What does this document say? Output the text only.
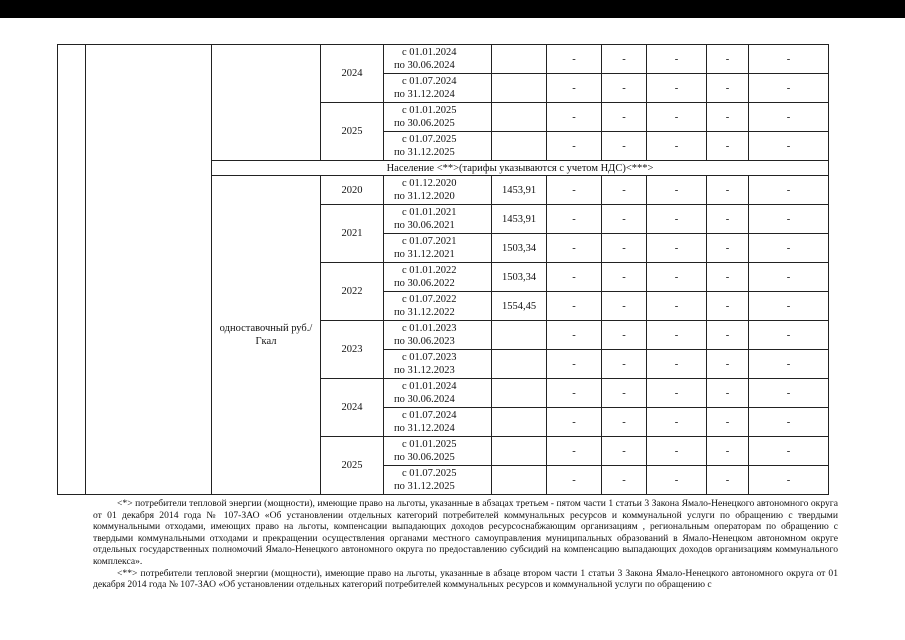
			2024	с 01.01.2024
по 30.06.2024		-	-	-	-	-

				с 01.07.2024
по 31.12.2024		-	-	-	-	-
			2025	с 01.01.2025
по 30.06.2025		-	-	-	-	-

				с 01.07.2025
по 31.12.2025		-	-	-	-	-
		Население <**>(тарифы указываются с учетом НДС)<***>								
		одноставочный руб./Гкал	2020	с 01.12.2020
по 31.12.2020	1453,91	-	-	-	-	-
			2021	с 01.01.2021
по 30.06.2021	1453,91	-	-	-	-	-

				с 01.07.2021
по 31.12.2021	1503,34	-	-	-	-	-
			2022	с 01.01.2022
по 30.06.2022	1503,34	-	-	-	-	-

				с 01.07.2022
по 31.12.2022	1554,45	-	-	-	-	-
			2023	с 01.01.2023
по 30.06.2023		-	-	-	-	-

				с 01.07.2023
по 31.12.2023		-	-	-	-	-
			2024	с 01.01.2024
по 30.06.2024		-	-	-	-	-

				с 01.07.2024
по 31.12.2024		-	-	-	-	-
			2025	с 01.01.2025
по 30.06.2025		-	-	-	-	-

				с 01.07.2025
по 31.12.2025		-	-	-	-	-

<*> потребители тепловой энергии (мощности), имеющие право на льготы, указанные в абзацах третьем - пятом части 1 статьи 3 Закона Ямало-Ненецкого автономного округа от 01 декабря 2014 года № 107-ЗАО «Об установлении отдельных категорий потребителей коммунальных ресурсов и коммунальной услуги по обращению с твердыми коммунальными отходами, имеющих право на льготы, компенсации выпадающих доходов ресурсоснабжающим организациям , региональным операторам по обращению с твердыми коммунальными отходами и прекращении осуществления органами местного самоуправления муниципальных образований в Ямало-Ненецком автономном округе отдельных государственных полномочий Ямало-Ненецкого автономного округа по предоставлению субсидий на компенсацию выпадающих доходов организациям коммунального комплекса».

<**> потребители тепловой энергии (мощности), имеющие право на льготы, указанные в абзаце втором части 1 статьи 3 Закона Ямало-Ненецкого автономного округа от 01 декабря 2014 года № 107-ЗАО «Об установлении отдельных категорий потребителей коммунальных ресурсов и коммунальной услуги по обращению с
